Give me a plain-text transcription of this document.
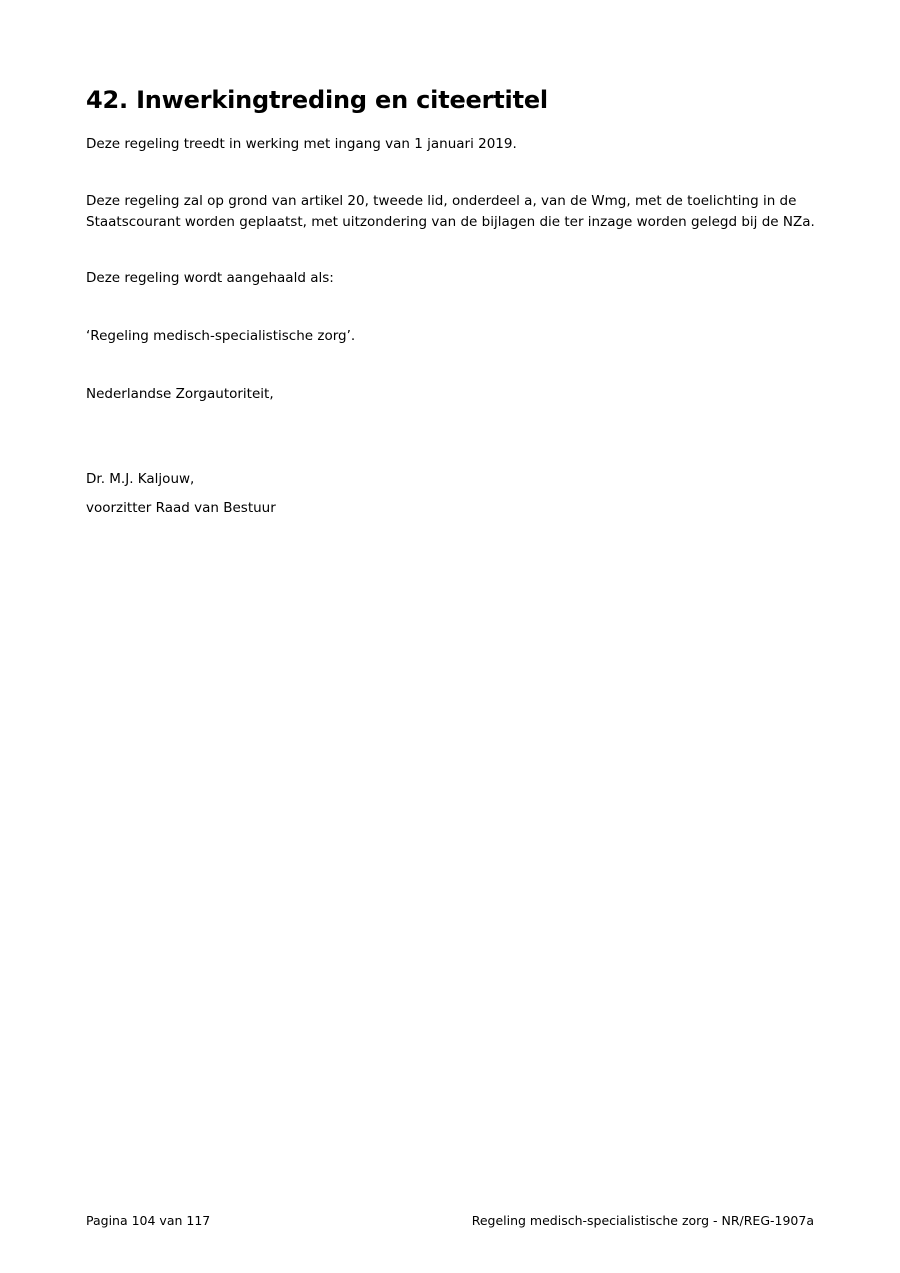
42. Inwerkingtreding en citeertitel

Deze regeling treedt in werking met ingang van 1 januari 2019.

Deze regeling zal op grond van artikel 20, tweede lid, onderdeel a, van de Wmg, met de toelichting in de

Staatscourant worden geplaatst, met uitzondering van de bijlagen die ter inzage worden gelegd bij de NZa.

Deze regeling wordt aangehaald als:

‘Regeling medisch-specialistische zorg’.

Nederlandse Zorgautoriteit,

Dr. M.J. Kaljouw,

voorzitter Raad van Bestuur

Pagina 104 van 117	Regeling medisch-specialistische zorg - NR/REG-1907a
